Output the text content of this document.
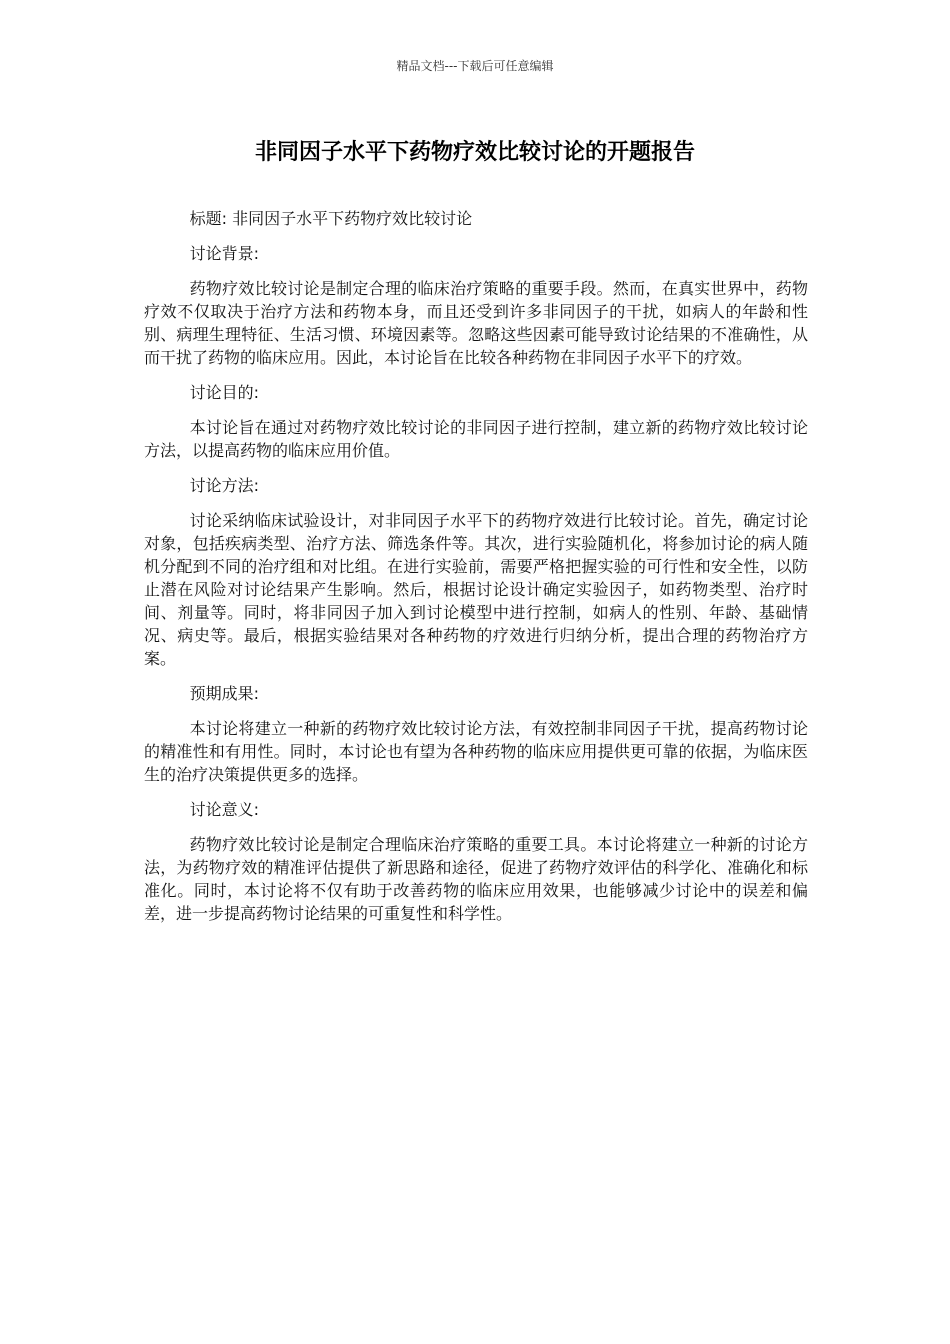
精品文档---下载后可任意编辑
非同因子水平下药物疗效比较讨论的开题报告

标题: 非同因子水平下药物疗效比较讨论

讨论背景:

药物疗效比较讨论是制定合理的临床治疗策略的重要手段。然而，在真实世界中，药物疗效不仅取决于治疗方法和药物本身，而且还受到许多非同因子的干扰，如病人的年龄和性别、病理生理特征、生活习惯、环境因素等。忽略这些因素可能导致讨论结果的不准确性，从而干扰了药物的临床应用。因此，本讨论旨在比较各种药物在非同因子水平下的疗效。

讨论目的:

本讨论旨在通过对药物疗效比较讨论的非同因子进行控制，建立新的药物疗效比较讨论方法，以提高药物的临床应用价值。

讨论方法:

讨论采纳临床试验设计，对非同因子水平下的药物疗效进行比较讨论。首先，确定讨论对象，包括疾病类型、治疗方法、筛选条件等。其次，进行实验随机化，将参加讨论的病人随机分配到不同的治疗组和对比组。在进行实验前，需要严格把握实验的可行性和安全性，以防止潜在风险对讨论结果产生影响。然后，根据讨论设计确定实验因子，如药物类型、治疗时间、剂量等。同时，将非同因子加入到讨论模型中进行控制，如病人的性别、年龄、基础情况、病史等。最后，根据实验结果对各种药物的疗效进行归纳分析，提出合理的药物治疗方案。

预期成果:

本讨论将建立一种新的药物疗效比较讨论方法，有效控制非同因子干扰，提高药物讨论的精准性和有用性。同时，本讨论也有望为各种药物的临床应用提供更可靠的依据，为临床医生的治疗决策提供更多的选择。

讨论意义:

药物疗效比较讨论是制定合理临床治疗策略的重要工具。本讨论将建立一种新的讨论方法，为药物疗效的精准评估提供了新思路和途径，促进了药物疗效评估的科学化、准确化和标准化。同时，本讨论将不仅有助于改善药物的临床应用效果，也能够减少讨论中的误差和偏差，进一步提高药物讨论结果的可重复性和科学性。
